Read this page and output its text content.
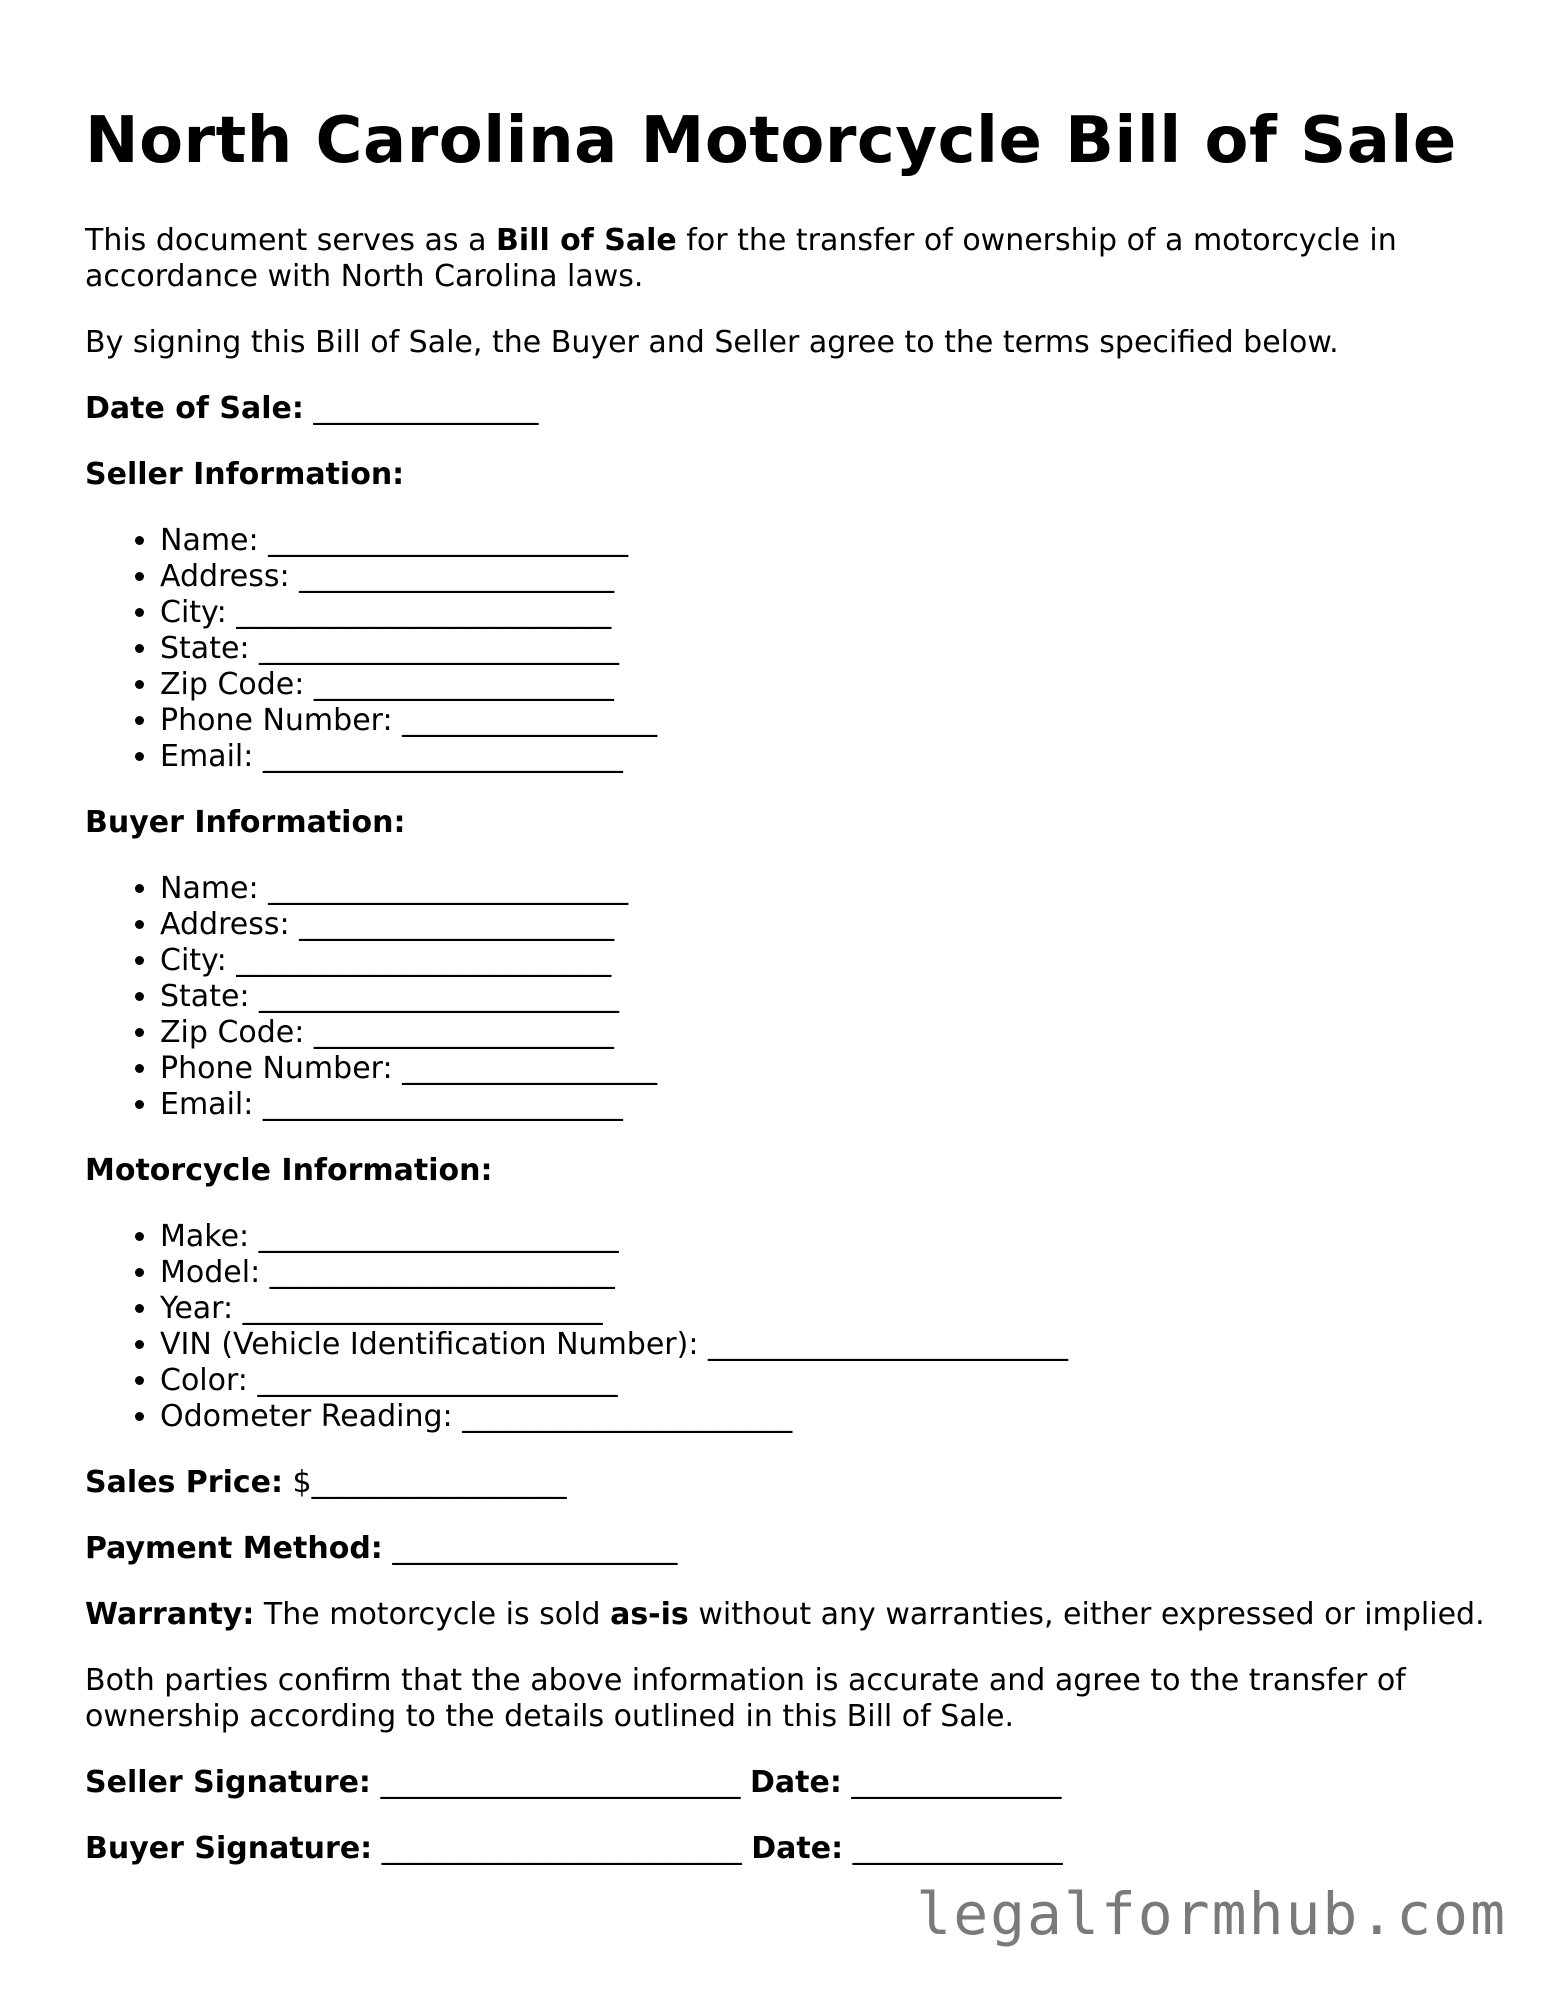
North Carolina Motorcycle Bill of Sale

This document serves as a Bill of Sale for the transfer of ownership of a motorcycle in accordance with North Carolina laws.

By signing this Bill of Sale, the Buyer and Seller agree to the terms specified below.

Date of Sale: _______________

Seller Information:

• Name: ________________________
• Address: _____________________
• City: _________________________
• State: ________________________
• Zip Code: ____________________
• Phone Number: _________________
• Email: ________________________

Buyer Information:

• Name: ________________________
• Address: _____________________
• City: _________________________
• State: ________________________
• Zip Code: ____________________
• Phone Number: _________________
• Email: ________________________

Motorcycle Information:

• Make: ________________________
• Model: _______________________
• Year: ________________________
• VIN (Vehicle Identification Number): ________________________
• Color: ________________________
• Odometer Reading: ______________________

Sales Price: $_________________

Payment Method: ___________________

Warranty: The motorcycle is sold as-is without any warranties, either expressed or implied.

Both parties confirm that the above information is accurate and agree to the transfer of ownership according to the details outlined in this Bill of Sale.

Seller Signature: ________________________ Date: ______________

Buyer Signature: ________________________ Date: ______________

legalformhub.com
